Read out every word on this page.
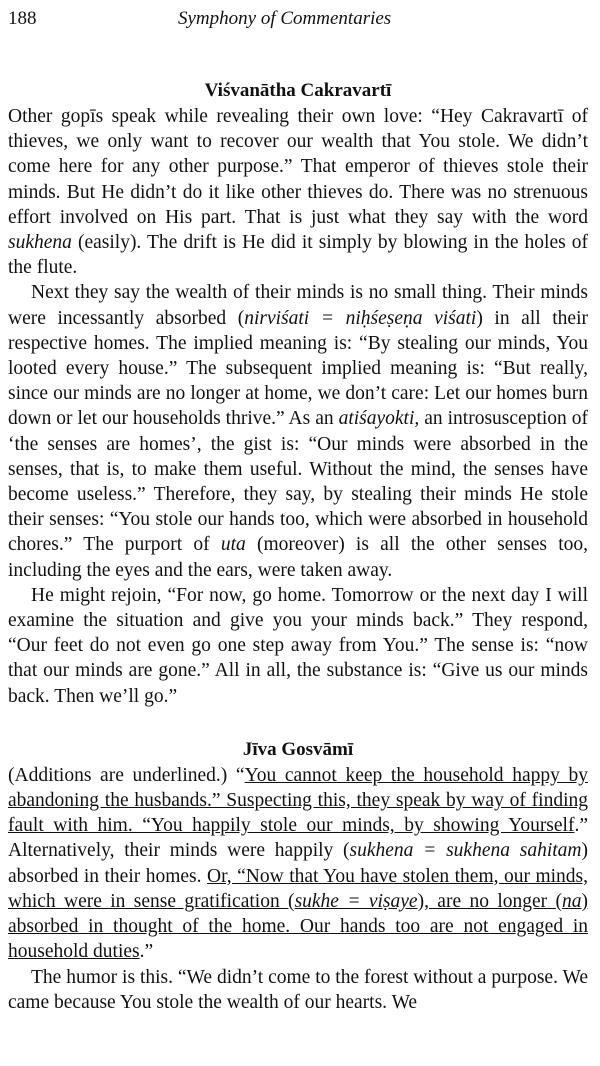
188	Symphony of Commentaries
Viśvanātha Cakravartī

Other gopīs speak while revealing their own love: “Hey Cakravartī of thieves, we only want to recover our wealth that You stole. We didn’t come here for any other purpose.” That emperor of thieves stole their minds. But He didn’t do it like other thieves do. There was no strenuous effort involved on His part. That is just what they say with the word sukhena (easily). The drift is He did it simply by blowing in the holes of the flute.

Next they say the wealth of their minds is no small thing. Their minds were incessantly absorbed (nirviśati = niḥśeṣeṇa viśati) in all their respective homes. The implied meaning is: “By stealing our minds, You looted every house.” The subsequent implied meaning is: “But really, since our minds are no longer at home, we don’t care: Let our homes burn down or let our households thrive.” As an atiśayokti, an introsusception of ‘the senses are homes’, the gist is: “Our minds were absorbed in the senses, that is, to make them useful. Without the mind, the senses have become useless.” Therefore, they say, by stealing their minds He stole their senses: “You stole our hands too, which were absorbed in household chores.” The purport of uta (moreover) is all the other senses too, including the eyes and the ears, were taken away.

He might rejoin, “For now, go home. Tomorrow or the next day I will examine the situation and give you your minds back.” They respond, “Our feet do not even go one step away from You.” The sense is: “now that our minds are gone.” All in all, the substance is: “Give us our minds back. Then we’ll go.”

Jīva Gosvāmī

(Additions are underlined.) “You cannot keep the household happy by abandoning the husbands.” Suspecting this, they speak by way of finding fault with him. “You happily stole our minds, by showing Yourself.” Alternatively, their minds were happily (sukhena = sukhena sahitam) absorbed in their homes. Or, “Now that You have stolen them, our minds, which were in sense gratification (sukhe = viṣaye), are no longer (na) absorbed in thought of the home. Our hands too are not engaged in household duties.”

The humor is this. “We didn’t come to the forest without a purpose. We came because You stole the wealth of our hearts. We
